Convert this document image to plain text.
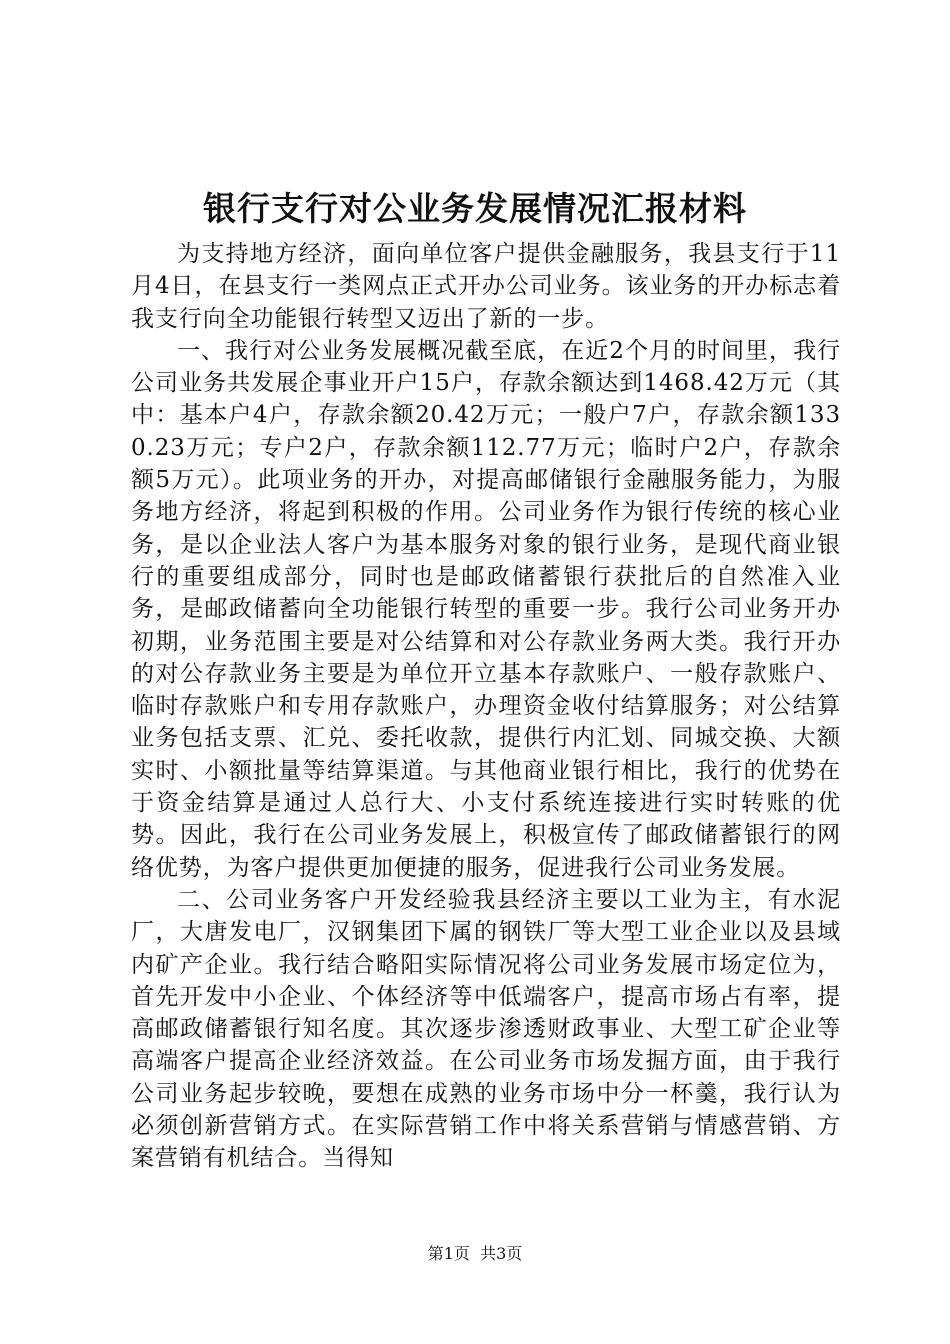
银行支行对公业务发展情况汇报材料

为支持地方经济，面向单位客户提供金融服务，我县支行于11月4日，在县支行一类网点正式开办公司业务。该业务的开办标志着我支行向全功能银行转型又迈出了新的一步。

一、我行对公业务发展概况截至底，在近2个月的时间里，我行公司业务共发展企事业开户15户，存款余额达到1468.42万元（其中：基本户4户，存款余额20.42万元；一般户7户，存款余额1330.23万元；专户2户，存款余额112.77万元；临时户2户，存款余额5万元）。此项业务的开办，对提高邮储银行金融服务能力，为服务地方经济，将起到积极的作用。公司业务作为银行传统的核心业务，是以企业法人客户为基本服务对象的银行业务，是现代商业银行的重要组成部分，同时也是邮政储蓄银行获批后的自然准入业务，是邮政储蓄向全功能银行转型的重要一步。我行公司业务开办初期，业务范围主要是对公结算和对公存款业务两大类。我行开办的对公存款业务主要是为单位开立基本存款账户、一般存款账户、临时存款账户和专用存款账户，办理资金收付结算服务；对公结算业务包括支票、汇兑、委托收款，提供行内汇划、同城交换、大额实时、小额批量等结算渠道。与其他商业银行相比，我行的优势在于资金结算是通过人总行大、小支付系统连接进行实时转账的优势。因此，我行在公司业务发展上，积极宣传了邮政储蓄银行的网络优势，为客户提供更加便捷的服务，促进我行公司业务发展。

二、公司业务客户开发经验我县经济主要以工业为主，有水泥厂，大唐发电厂，汉钢集团下属的钢铁厂等大型工业企业以及县域内矿产企业。我行结合略阳实际情况将公司业务发展市场定位为，首先开发中小企业、个体经济等中低端客户，提高市场占有率，提高邮政储蓄银行知名度。其次逐步渗透财政事业、大型工矿企业等高端客户提高企业经济效益。在公司业务市场发掘方面，由于我行公司业务起步较晚，要想在成熟的业务市场中分一杯羹，我行认为必须创新营销方式。在实际营销工作中将关系营销与情感营销、方案营销有机结合。当得知

第1页 共3页
